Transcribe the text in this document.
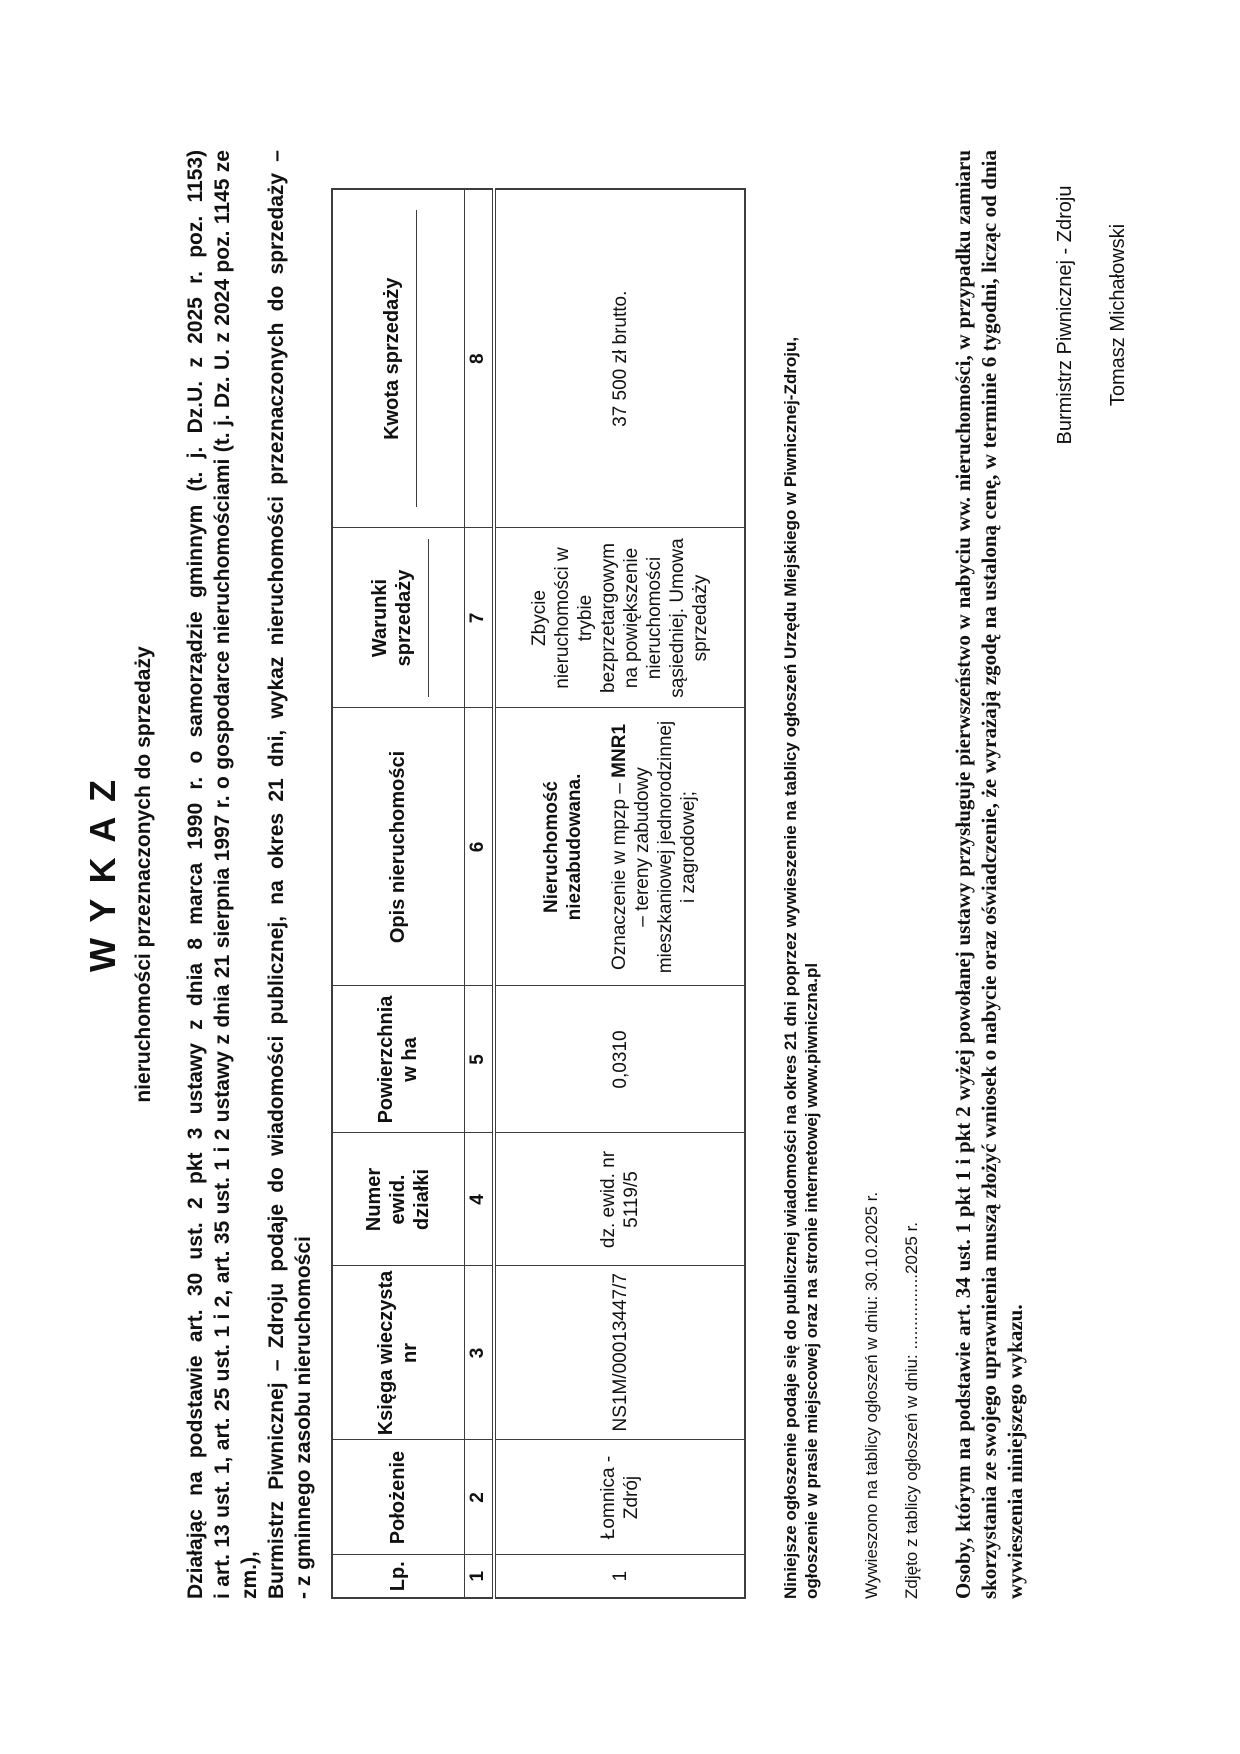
W Y K A Z nieruchomości przeznaczonych do sprzedaży Działając na podstawie art. 30 ust. 2 pkt 3 ustawy z dnia 8 marca 1990 r. o samorządzie gminnym (t. j. Dz.U. z 2025 r. poz. 1153) i art. 13 ust. 1, art. 25 ust. 1 i 2, art. 35 ust. 1 i 2 ustawy z dnia 21 sierpnia 1997 r. o gospodarce nieruchomościami (t. j. Dz. U. z 2024 poz. 1145 ze zm.), Burmistrz Piwnicznej – Zdroju podaje do wiadomości publicznej, na okres 21 dni, wykaz nieruchomości przeznaczonych do sprzedaży – - z gminnego zasobu nieruchomości	Lp.	Położenie	Księga wieczysta nr	Numer ewid. działki	Powierzchnia w ha	Opis nieruchomości	Warunki sprzedaży	Kwota sprzedaży

1	2	3	4	5	6	7	8
1	Łomnica - Zdrój	NS1M/00013447/7	dz. ewid. nr 5119/5	0,0310	Nieruchomość niezabudowana. Oznaczenie w mpzp – MNR1 – tereny zabudowy mieszkaniowej jednorodzinnej i zagrodowej;	Zbycie nieruchomości w trybie bezprzetargowym na powiększenie nieruchomości sąsiedniej. Umowa sprzedaży	37 500 zł brutto.	Niniejsze ogłoszenie podaje się do publicznej wiadomości na okres 21 dni poprzez wywieszenie na tablicy ogłoszeń Urzędu Miejskiego w Piwnicznej-Zdroju, ogłoszenie w prasie miejscowej oraz na stronie internetowej www.piwniczna.pl Wywieszono na tablicy ogłoszeń w dniu: 30.10.2025 r. Zdjęto z tablicy ogłoszeń w dniu: ................2025 r. Osoby, którym na podstawie art. 34 ust. 1 pkt 1 i pkt 2 wyżej powołanej ustawy przysługuje pierwszeństwo w nabyciu ww. nieruchomości, w przypadku zamiaru skorzystania ze swojego uprawnienia muszą złożyć wniosek o nabycie oraz oświadczenie, że wyrażają zgodę na ustaloną cenę, w terminie 6 tygodni, licząc od dnia wywieszenia niniejszego wykazu.
Burmistrz Piwnicznej - Zdroju Tomasz Michałowski
